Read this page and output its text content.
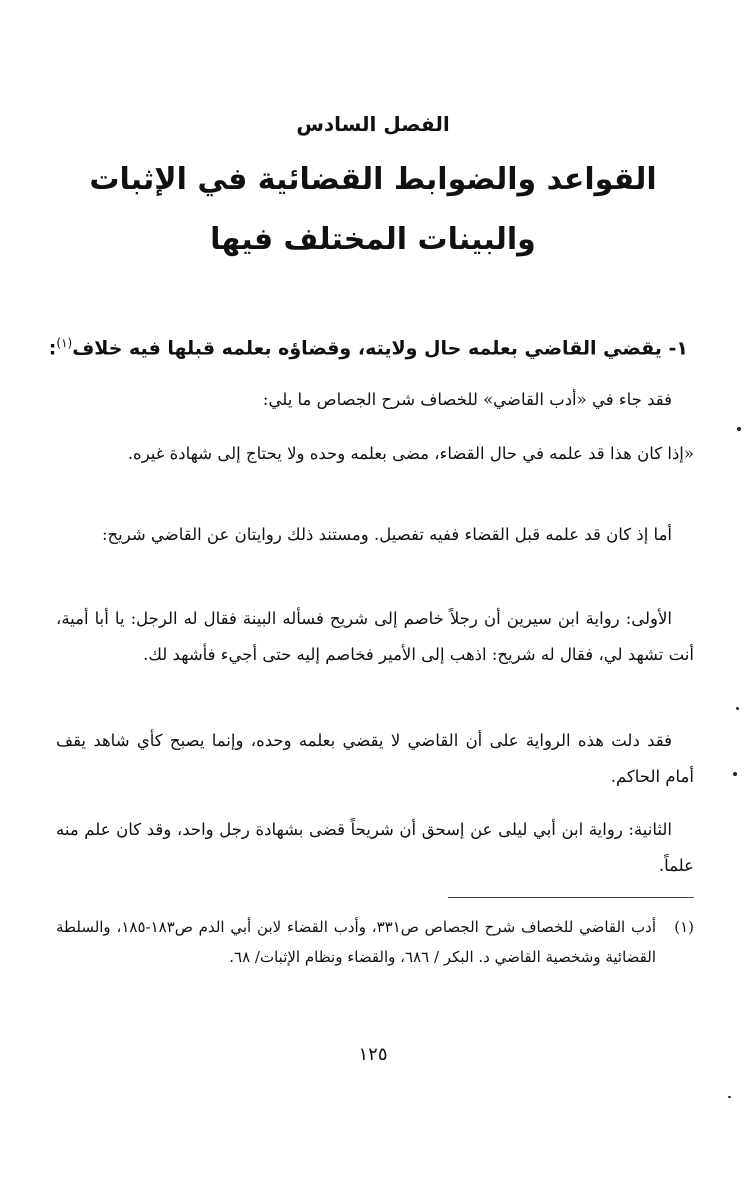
الفصل السادس
القواعد والضوابط القضائية في الإثبات
والبينات المختلف فيها
١- يقضي القاضي بعلمه حال ولايته، وقضاؤه بعلمه قبلها فيه خلاف$^{(١)}$:

فقد جاء في «أدب القاضي» للخصاف شرح الجصاص ما يلي:

«إذا كان هذا قد علمه في حال القضاء، مضى بعلمه وحده ولا يحتاج إلى شهادة غيره.

أما إذ كان قد علمه قبل القضاء ففيه تفصيل. ومستند ذلك روايتان عن القاضي شريح:

الأولى: رواية ابن سيرين أن رجلاً خاصم إلى شريح فسأله البينة فقال له الرجل: يا أبا أمية، أنت تشهد لي، فقال له شريح: اذهب إلى الأمير فخاصم إليه حتى أجيء فأشهد لك.

فقد دلت هذه الرواية على أن القاضي لا يقضي بعلمه وحده، وإنما يصبح كأي شاهد يقف أمام الحاكم.

الثانية: رواية ابن أبي ليلى عن إسحق أن شريحاً قضى بشهادة رجل واحد، وقد كان علم منه علماً.

(١)
أدب القاضي للخصاف شرح الجصاص ص٣٣١، وأدب القضاء لابن أبي الدم ص١٨٣-١٨٥، والسلطة القضائية وشخصية القاضي د. البكر / ٦٨٦، والقضاء ونظام الإثبات/ ٦٨.
١٢٥
